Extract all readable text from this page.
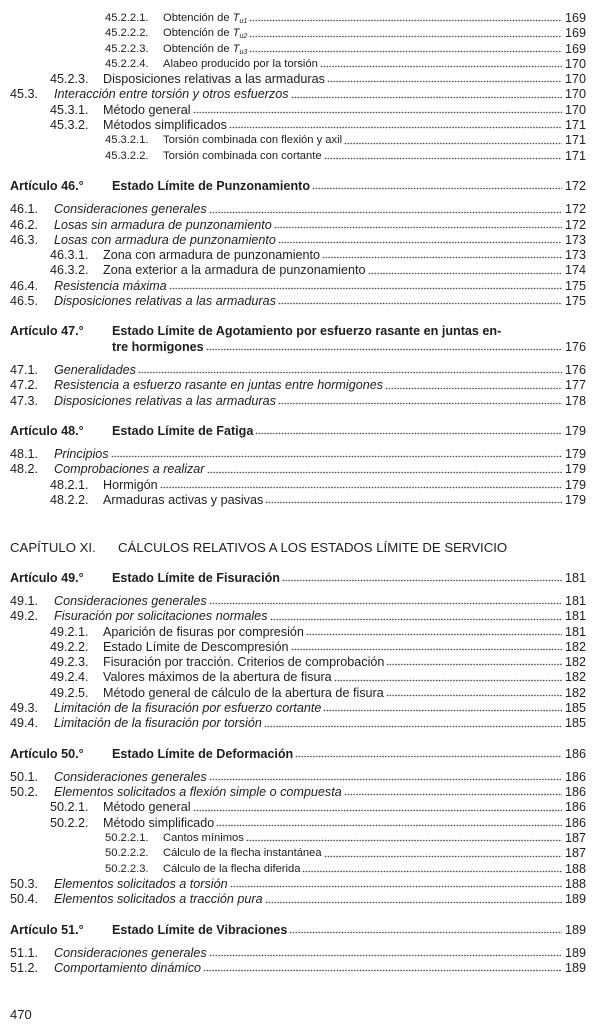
45.2.2.1. Obtención de $T_{u1}$	169
45.2.2.2. Obtención de $T_{u2}$	169
45.2.2.3. Obtención de $T_{u3}$	169
45.2.2.4. Alabeo producido por la torsión	170
45.2.3. Disposiciones relativas a las armaduras	170
45.3. Interacción entre torsión y otros esfuerzos	170
45.3.1. Método general	170
45.3.2. Métodos simplificados	171
45.3.2.1. Torsión combinada con flexión y axil	171
45.3.2.2. Torsión combinada con cortante	171
Artículo 46.° Estado Límite de Punzonamiento	172
46.1. Consideraciones generales	172
46.2. Losas sin armadura de punzonamiento	172
46.3. Losas con armadura de punzonamiento	173
46.3.1. Zona con armadura de punzonamiento	173
46.3.2. Zona exterior a la armadura de punzonamiento	174
46.4. Resistencia máxima	175
46.5. Disposiciones relativas a las armaduras	175
Artículo 47.° Estado Límite de Agotamiento por esfuerzo rasante en juntas en-
tre hormigones	176
47.1. Generalidades	176
47.2. Resistencia a esfuerzo rasante en juntas entre hormigones	177
47.3. Disposiciones relativas a las armaduras	178
Artículo 48.° Estado Límite de Fatiga	179
48.1. Principios	179
48.2. Comprobaciones a realizar	179
48.2.1. Hormigón	179
48.2.2. Armaduras activas y pasivas	179
CAPÍTULO XI. CÁLCULOS RELATIVOS A LOS ESTADOS LÍMITE DE SERVICIO
Artículo 49.° Estado Límite de Fisuración	181
49.1. Consideraciones generales	181
49.2. Fisuración por solicitaciones normales	181
49.2.1. Aparición de fisuras por compresión	181
49.2.2. Estado Límite de Descompresión	182
49.2.3. Fisuración por tracción. Criterios de comprobación	182
49.2.4. Valores máximos de la abertura de fisura	182
49.2.5. Método general de cálculo de la abertura de fisura	182
49.3. Limitación de la fisuración por esfuerzo cortante	185
49.4. Limitación de la fisuración por torsión	185
Artículo 50.° Estado Límite de Deformación	186
50.1. Consideraciones generales	186
50.2. Elementos solicitados a flexión simple o compuesta	186
50.2.1. Método general	186
50.2.2. Método simplificado	186
50.2.2.1. Cantos mínimos	187
50.2.2.2. Cálculo de la flecha instantánea	187
50.2.2.3. Cálculo de la flecha diferida	188
50.3. Elementos solicitados a torsión	188
50.4. Elementos solicitados a tracción pura	189
Artículo 51.° Estado Límite de Vibraciones	189
51.1. Consideraciones generales	189
51.2. Comportamiento dinámico	189
470
